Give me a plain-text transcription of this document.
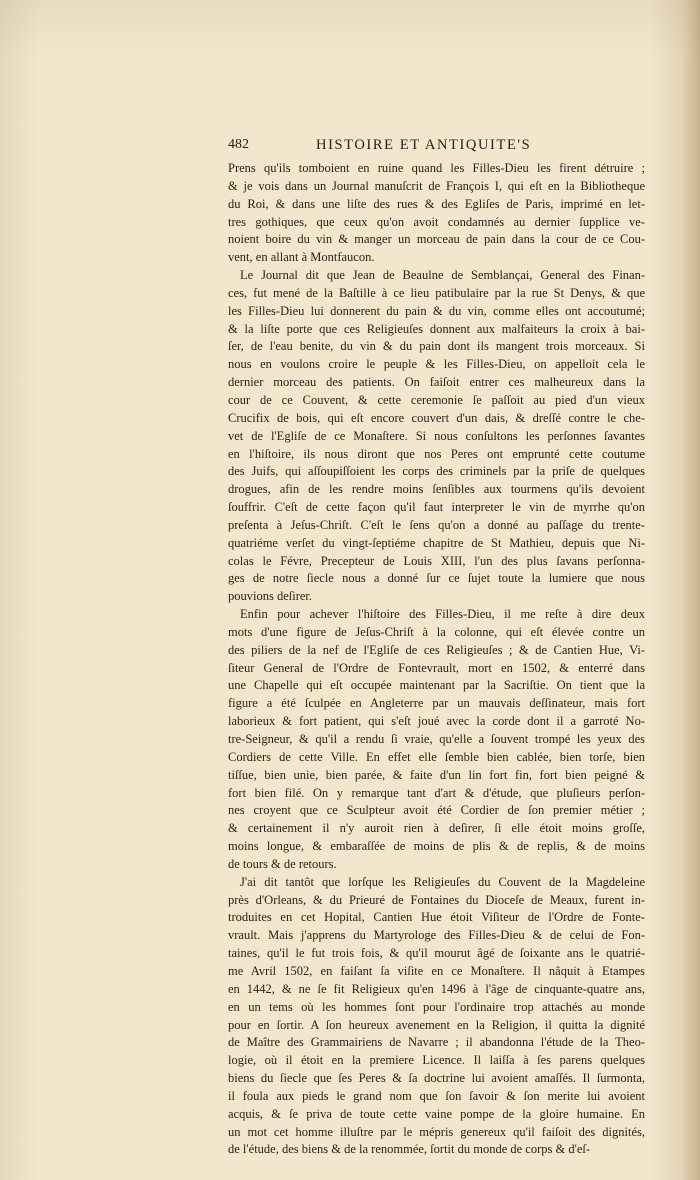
482	HISTOIRE ET ANTIQUITE'S
Prens qu'ils tomboient en ruine quand les Filles-Dieu les firent détruire ;
& je vois dans un Journal manuſcrit de François I, qui eſt en la Bibliotheque
du Roi, & dans une liſte des rues & des Egliſes de Paris, imprimé en let-
tres gothiques, que ceux qu'on avoit condamnés au dernier ſupplice ve-
noient boire du vin & manger un morceau de pain dans la cour de ce Cou-
vent, en allant à Montfaucon.
Le Journal dit que Jean de Beaulne de Semblançai, General des Finan-
ces, fut mené de la Baſtille à ce lieu patibulaire par la rue St Denys, & que
les Filles-Dieu lui donnerent du pain & du vin, comme elles ont accoutumé;
& la liſte porte que ces Religieuſes donnent aux malfaiteurs la croix à bai-
ſer, de l'eau benite, du vin & du pain dont ils mangent trois morceaux. Si
nous en voulons croire le peuple & les Filles-Dieu, on appelloit cela le
dernier morceau des patients. On faiſoit entrer ces malheureux dans la
cour de ce Couvent, & cette ceremonie ſe paſſoit au pied d'un vieux
Crucifix de bois, qui eſt encore couvert d'un dais, & dreſſé contre le che-
vet de l'Egliſe de ce Monaſtere. Si nous conſultons les perſonnes ſavantes
en l'hiſtoire, ils nous diront que nos Peres ont emprunté cette coutume
des Juifs, qui aſſoupiſſoient les corps des criminels par la priſe de quelques
drogues, afin de les rendre moins ſenſibles aux tourmens qu'ils devoient
ſouffrir. C'eſt de cette façon qu'il faut interpreter le vin de myrrhe qu'on
preſenta à Jeſus-Chriſt. C'eſt le ſens qu'on a donné au paſſage du trente-
quatriéme verſet du vingt-ſeptiéme chapitre de St Mathieu, depuis que Ni-
colas le Févre, Precepteur de Louis XIII, l'un des plus ſavans perſonna-
ges de notre ſiecle nous a donné ſur ce ſujet toute la lumiere que nous
pouvions deſirer.
Enfin pour achever l'hiſtoire des Filles-Dieu, il me reſte à dire deux
mots d'une figure de Jeſus-Chriſt à la colonne, qui eſt élevée contre un
des piliers de la nef de l'Egliſe de ces Religieuſes ; & de Cantien Hue, Vi-
ſiteur General de l'Ordre de Fontevrault, mort en 1502, & enterré dans
une Chapelle qui eſt occupée maintenant par la Sacriſtie. On tient que la
figure a été ſculpée en Angleterre par un mauvais deſſinateur, mais fort
laborieux & fort patient, qui s'eſt joué avec la corde dont il a garroté No-
tre-Seigneur, & qu'il a rendu ſi vraie, qu'elle a ſouvent trompé les yeux des
Cordiers de cette Ville. En effet elle ſemble bien cablée, bien torſe, bien
tiſſue, bien unie, bien parée, & faite d'un lin fort fin, fort bien peigné &
fort bien filé. On y remarque tant d'art & d'étude, que pluſieurs perſon-
nes croyent que ce Sculpteur avoit été Cordier de ſon premier métier ;
& certainement il n'y auroit rien à deſirer, ſi elle étoit moins groſſe,
moins longue, & embaraſſée de moins de plis & de replis, & de moins
de tours & de retours.
J'ai dit tantôt que lorſque les Religieuſes du Couvent de la Magdeleine
près d'Orleans, & du Prieuré de Fontaines du Dioceſe de Meaux, furent in-
troduites en cet Hopital, Cantien Hue étoit Viſiteur de l'Ordre de Fonte-
vrault. Mais j'apprens du Martyrologe des Filles-Dieu & de celui de Fon-
taines, qu'il le fut trois fois, & qu'il mourut âgé de ſoixante ans le quatrié-
me Avril 1502, en faiſant ſa viſite en ce Monaſtere. Il nâquit à Etampes
en 1442, & ne ſe fit Religieux qu'en 1496 à l'âge de cinquante-quatre ans,
en un tems où les hommes ſont pour l'ordinaire trop attachés au monde
pour en ſortir. A ſon heureux avenement en la Religion, il quitta la dignité
de Maître des Grammairiens de Navarre ; il abandonna l'étude de la Theo-
logie, où il étoit en la premiere Licence. Il laiſſa à ſes parens quelques
biens du ſiecle que ſes Peres & ſa doctrine lui avoient amaſſés. Il ſurmonta,
il foula aux pieds le grand nom que ſon ſavoir & ſon merite lui avoient
acquis, & ſe priva de toute cette vaine pompe de la gloire humaine. En
un mot cet homme illuſtre par le mépris genereux qu'il faiſoit des dignités,
de l'étude, des biens & de la renommée, ſortit du monde de corps & d'eſ-
